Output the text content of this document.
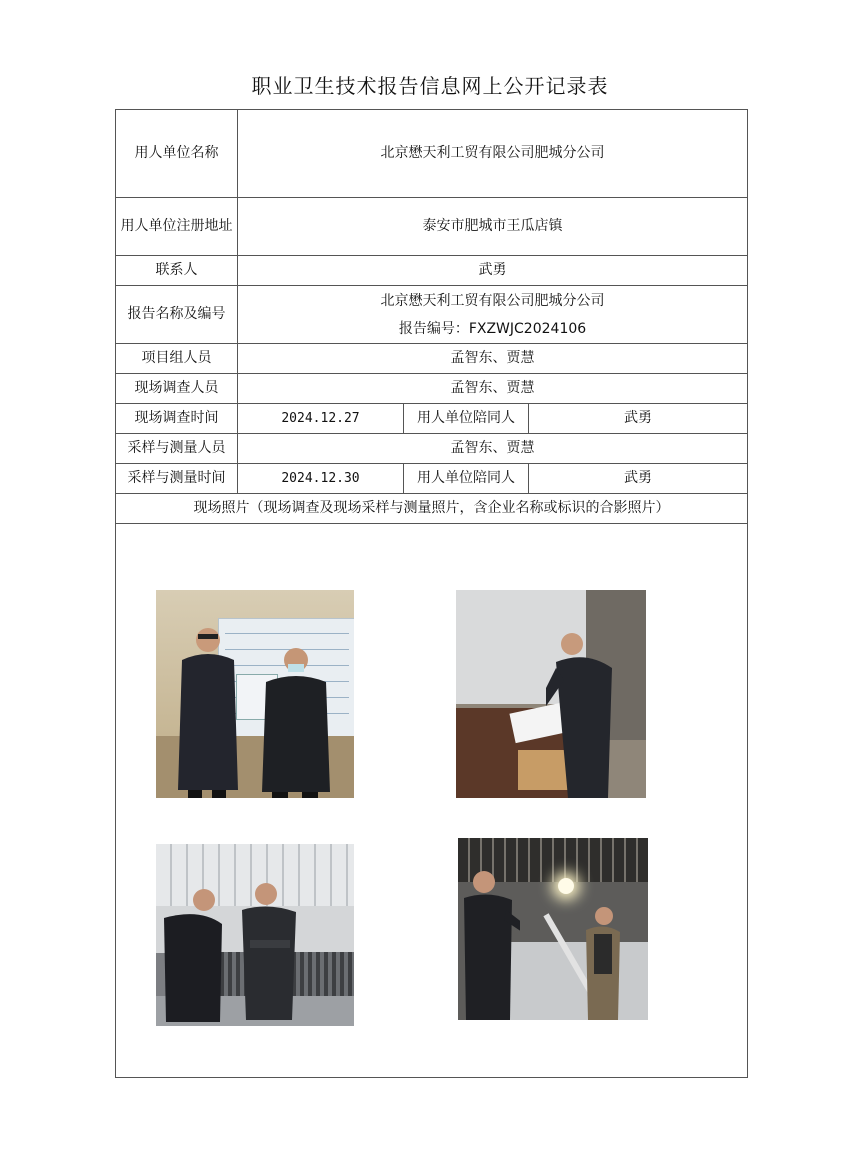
职业卫生技术报告信息网上公开记录表
用人单位名称	北京懋天利工贸有限公司肥城分公司		
用人单位注册地址	泰安市肥城市王瓜店镇		
联系人	武勇		
报告名称及编号	北京懋天利工贸有限公司肥城分公司
报告编号：FXZWJC2024106		

项目组人员	孟智东、贾慧		
现场调查人员	孟智东、贾慧		
现场调查时间	2024.12.27	用人单位陪同人	武勇
采样与测量人员	孟智东、贾慧		
采样与测量时间	2024.12.30	用人单位陪同人	武勇
现场照片（现场调查及现场采样与测量照片，含企业名称或标识的合影照片）			
